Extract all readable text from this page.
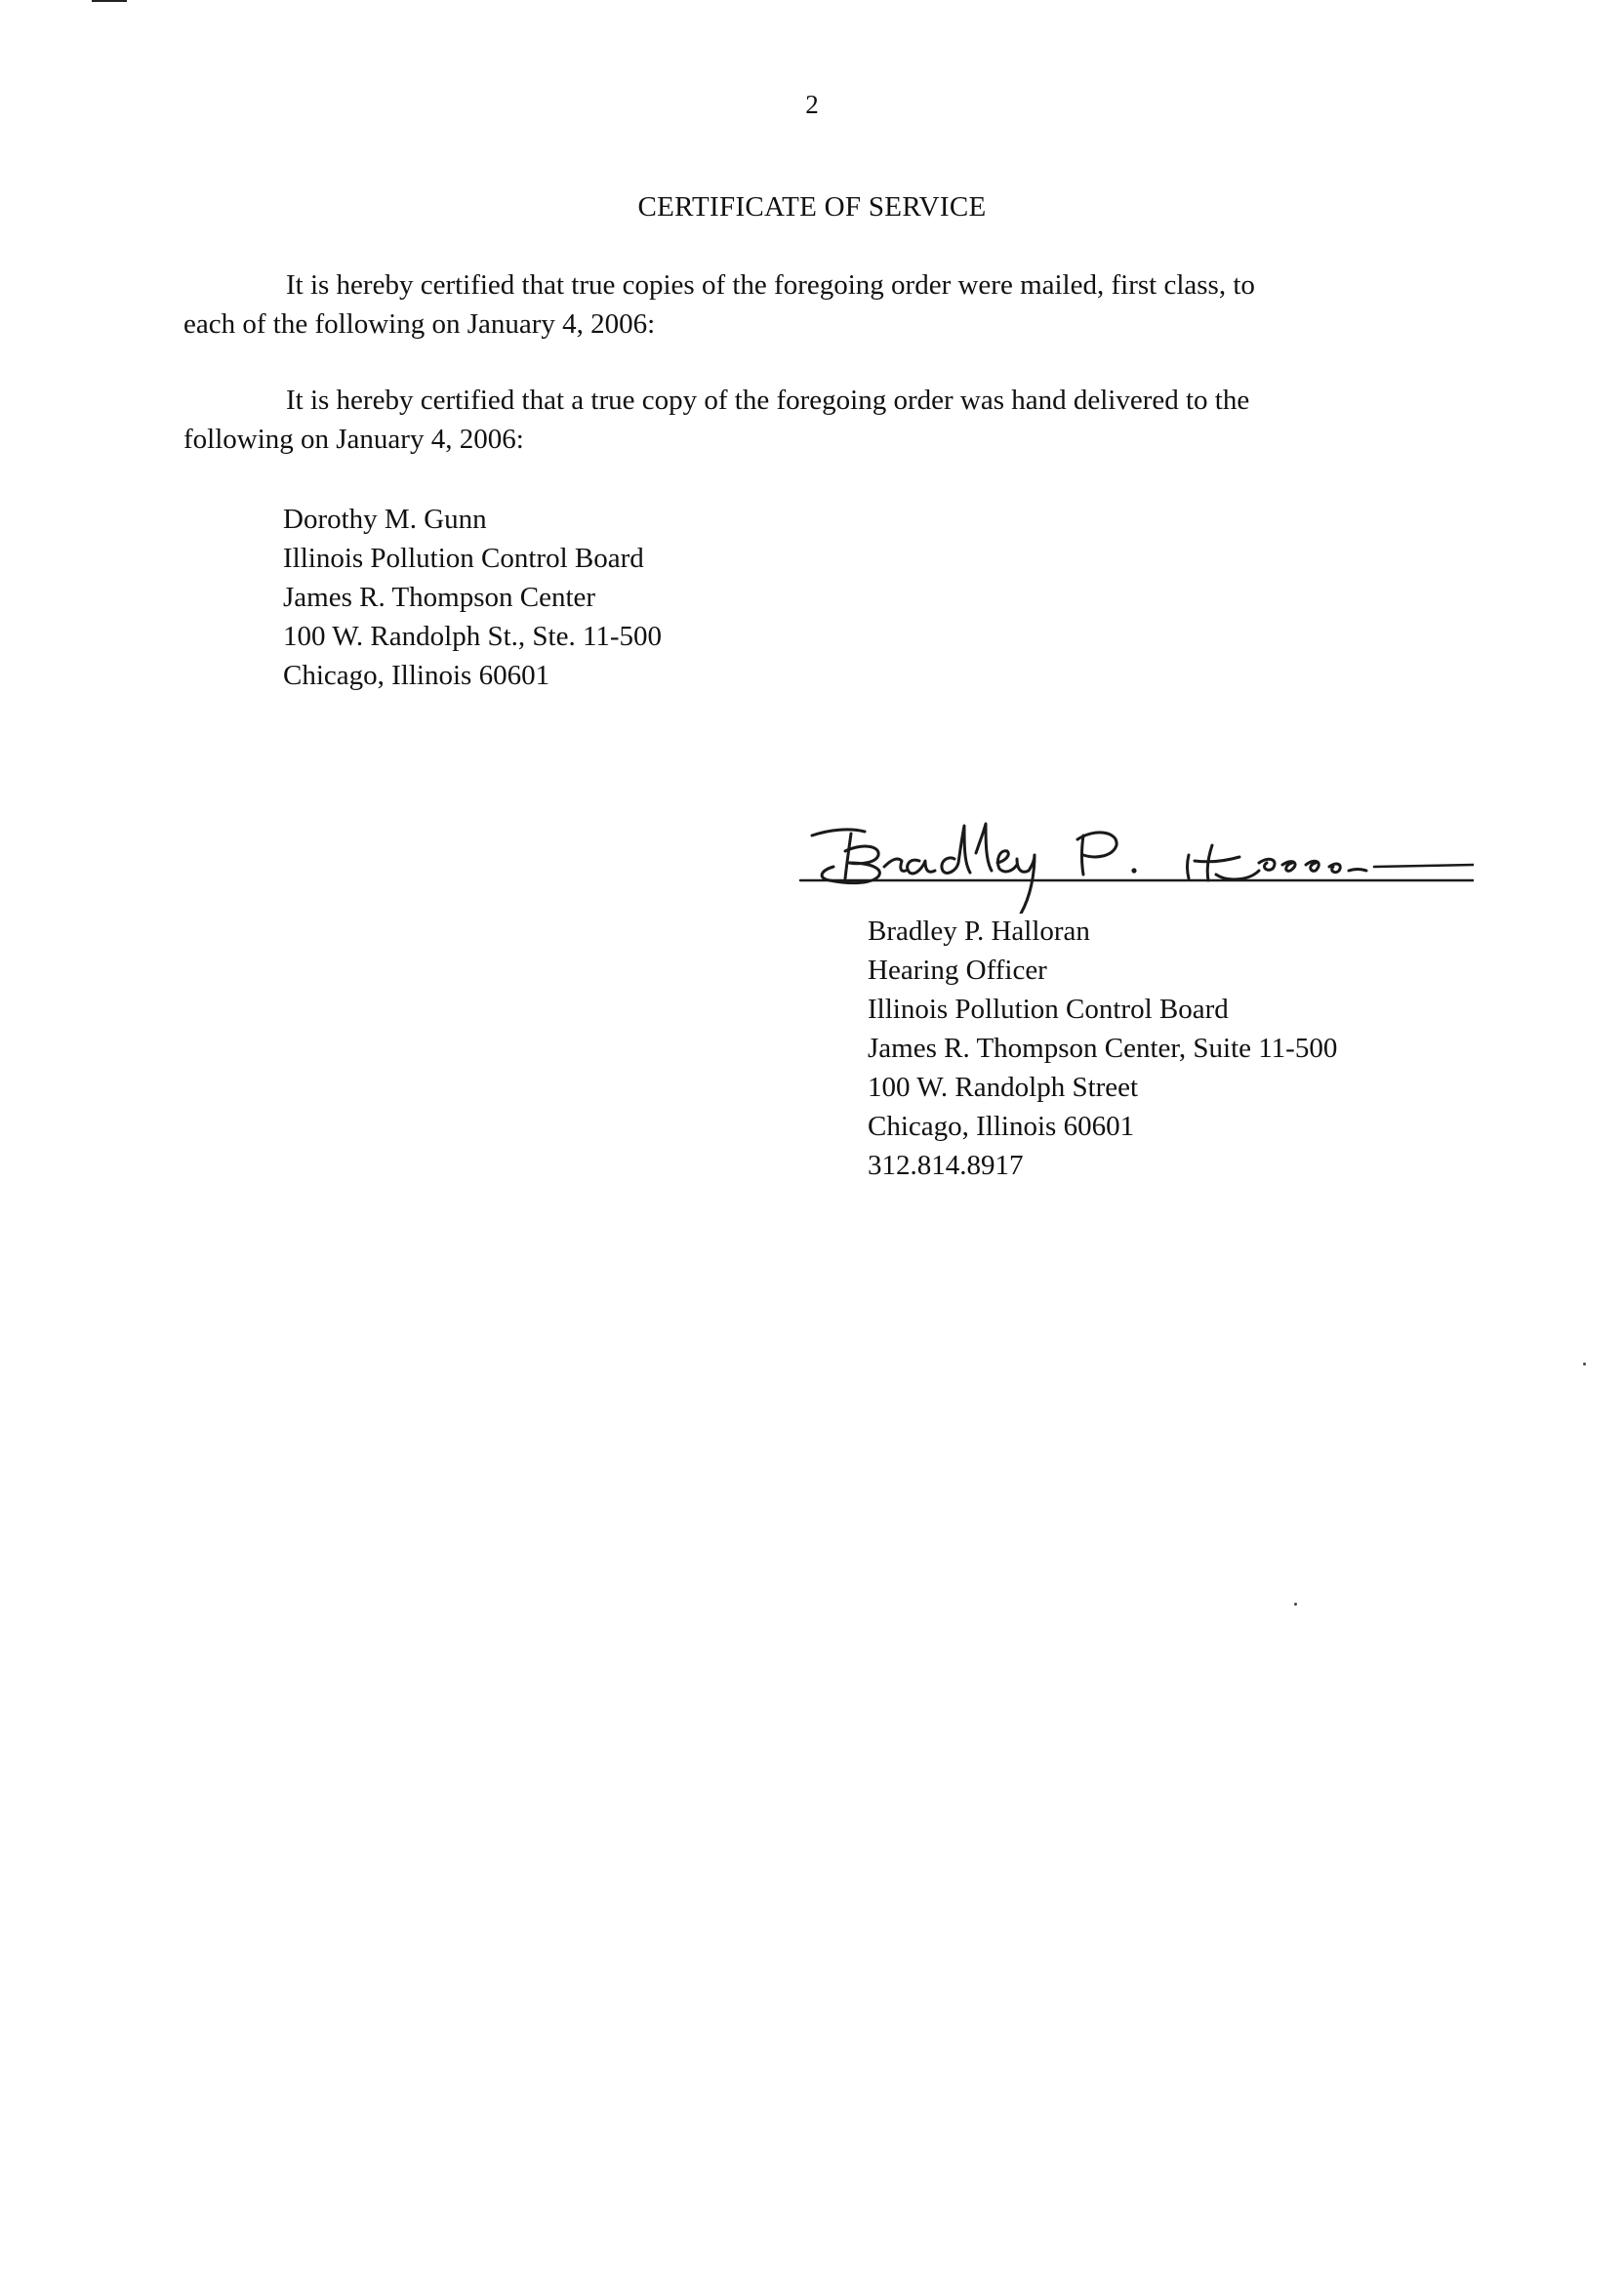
2
CERTIFICATE OF SERVICE
It is hereby certified that true copies of the foregoing order were mailed, first class, to
each of the following on January 4, 2006:
It is hereby certified that a true copy of the foregoing order was hand delivered to the
following on January 4, 2006:
Dorothy M. Gunn
Illinois Pollution Control Board
James R. Thompson Center
100 W. Randolph St., Ste. 11-500
Chicago, Illinois 60601
Bradley P. Halloran
Hearing Officer
Illinois Pollution Control Board
James R. Thompson Center, Suite 11-500
100 W. Randolph Street
Chicago, Illinois 60601
312.814.8917
